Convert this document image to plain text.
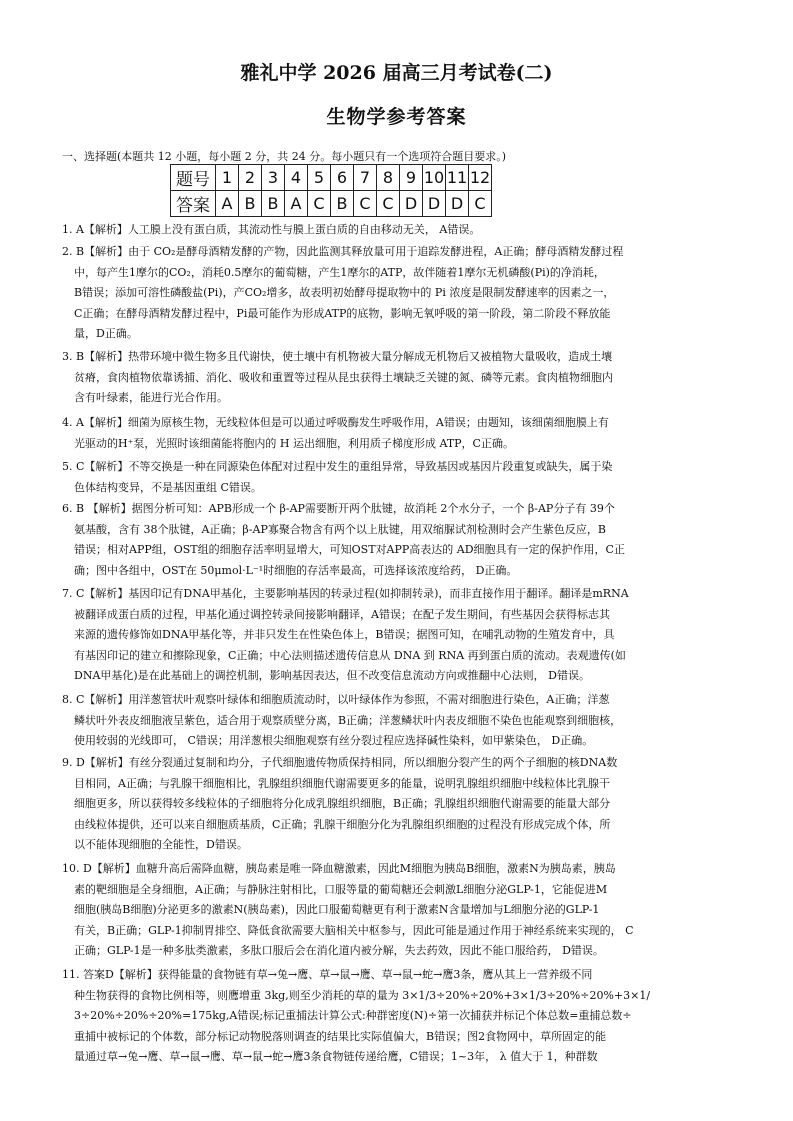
雅礼中学 2026 届高三月考试卷(二)
生物学参考答案
一、选择题(本题共 12 小题，每小题 2 分，共 24 分。每小题只有一个选项符合题目要求。)
题号	1	2	3	4	5	6	7	8	9	10	11	12
答案	A	B	B	A	C	B	C	C	D	D	D	C

1. A【解析】人工膜上没有蛋白质，其流动性与膜上蛋白质的自由移动无关， A错误。

2. B【解析】由于 CO₂是酵母酒精发酵的产物，因此监测其释放量可用于追踪发酵进程，A正确；酵母酒精发酵过程

中，每产生1摩尔的CO₂，消耗0.5摩尔的葡萄糖，产生1摩尔的ATP，故伴随着1摩尔无机磷酸(Pi)的净消耗，

B错误；添加可溶性磷酸盐(Pi)，产CO₂增多，故表明初始酵母提取物中的 Pi 浓度是限制发酵速率的因素之一，

C正确；在酵母酒精发酵过程中，Pi最可能作为形成ATP的底物，影响无氧呼吸的第一阶段，第二阶段不释放能

量，D正确。

3. B【解析】热带环境中微生物多且代谢快，使土壤中有机物被大量分解成无机物后又被植物大量吸收，造成土壤

贫瘠，食肉植物依靠诱捕、消化、吸收和重置等过程从昆虫获得土壤缺乏关键的氮、磷等元素。食肉植物细胞内

含有叶绿素，能进行光合作用。

4. A【解析】细菌为原核生物，无线粒体但是可以通过呼吸酶发生呼吸作用，A错误；由题知，该细菌细胞膜上有

光驱动的H⁺泵，光照时该细菌能将胞内的 H 运出细胞，利用质子梯度形成 ATP，C正确。

5. C【解析】不等交换是一种在同源染色体配对过程中发生的重组异常，导致基因或基因片段重复或缺失，属于染

色体结构变异，不是基因重组 C错误。

6. B 【解析】据图分析可知：APB形成一个 β-AP需要断开两个肽键，故消耗 2个水分子，一个 β-AP分子有 39个

氨基酸，含有 38个肽键，A正确；β-AP寡聚合物含有两个以上肽键，用双缩脲试剂检测时会产生紫色反应，B

错误；相对APP组，OST组的细胞存活率明显增大，可知OST对APP高表达的 AD细胞具有一定的保护作用，C正

确；图中各组中，OST在 50μmol·L⁻¹时细胞的存活率最高，可选择该浓度给药， D正确。

7. C【解析】基因印记有DNA甲基化，主要影响基因的转录过程(如抑制转录)，而非直接作用于翻译。翻译是mRNA

被翻译成蛋白质的过程，甲基化通过调控转录间接影响翻译，A错误；在配子发生期间，有些基因会获得标志其

来源的遗传修饰如DNA甲基化等，并非只发生在性染色体上，B错误；据图可知，在哺乳动物的生殖发育中，具

有基因印记的建立和擦除现象，C正确；中心法则描述遗传信息从 DNA 到 RNA 再到蛋白质的流动。表观遗传(如

DNA甲基化)是在此基础上的调控机制，影响基因表达，但不改变信息流动方向或推翻中心法则， D错误。

8. C【解析】用洋葱管状叶观察叶绿体和细胞质流动时，以叶绿体作为参照，不需对细胞进行染色，A正确；洋葱

鳞状叶外表皮细胞液呈紫色，适合用于观察质壁分离，B正确；洋葱鳞状叶内表皮细胞不染色也能观察到细胞核，

使用较弱的光线即可， C错误；用洋葱根尖细胞观察有丝分裂过程应选择碱性染料，如甲紫染色， D正确。

9. D【解析】有丝分裂通过复制和均分，子代细胞遗传物质保持相同，所以细胞分裂产生的两个子细胞的核DNA数

目相同，A正确；与乳腺干细胞相比，乳腺组织细胞代谢需要更多的能量，说明乳腺组织细胞中线粒体比乳腺干

细胞更多，所以获得较多线粒体的子细胞将分化成乳腺组织细胞，B正确；乳腺组织细胞代谢需要的能量大部分

由线粒体提供，还可以来自细胞质基质，C正确；乳腺干细胞分化为乳腺组织细胞的过程没有形成完成个体，所

以不能体现细胞的全能性，D错误。

10. D【解析】血糖升高后需降血糖，胰岛素是唯一降血糖激素，因此M细胞为胰岛B细胞，激素N为胰岛素，胰岛

素的靶细胞是全身细胞，A正确；与静脉注射相比，口服等量的葡萄糖还会刺激L细胞分泌GLP-1，它能促进M

细胞(胰岛B细胞)分泌更多的激素N(胰岛素)，因此口服葡萄糖更有利于激素N含量增加与L细胞分泌的GLP-1

有关，B正确；GLP-1抑制胃排空、降低食欲需要大脑相关中枢参与，因此可能是通过作用于神经系统来实现的， C

正确；GLP-1是一种多肽类激素，多肽口服后会在消化道内被分解，失去药效，因此不能口服给药， D错误。

11. 答案D【解析】获得能量的食物链有草→兔→鹰、草→鼠→鹰、草→鼠→蛇→鹰3条，鹰从其上一营养级不同

种生物获得的食物比例相等，则鹰增重 3kg,则至少消耗的草的量为 3×1/3÷20%÷20%+3×1/3÷20%÷20%+3×1/

3÷20%÷20%÷20%=175kg,A错误;标记重捕法计算公式:种群密度(N)÷第一次捕获并标记个体总数=重捕总数÷

重捕中被标记的个体数，部分标记动物脱落则调查的结果比实际值偏大，B错误；图2食物网中，草所固定的能

量通过草→兔→鹰、草→鼠→鹰、草→鼠→蛇→鹰3条食物链传递给鹰，C错误；1~3年， λ 值大于 1，种群数
